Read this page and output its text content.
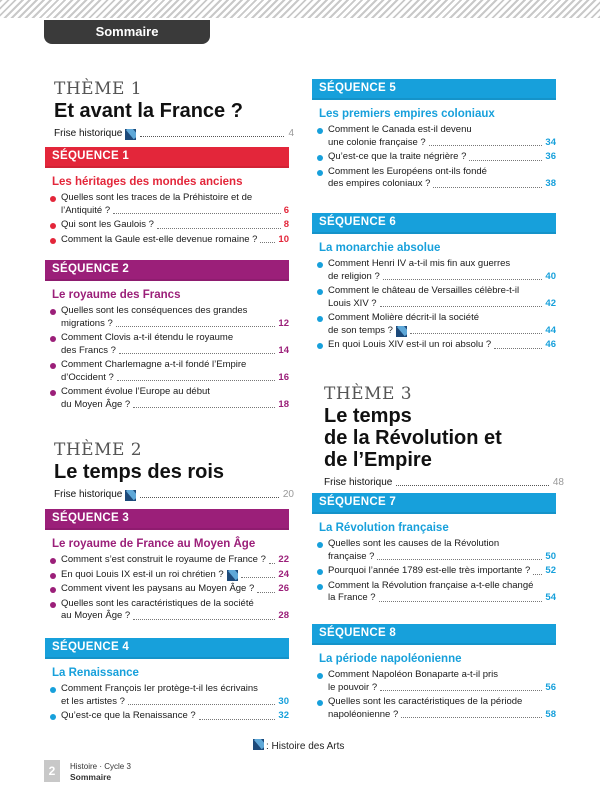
Sommaire
THÈME 1
Et avant la France ?
Frise historique	4
THÈME 2
Le temps des rois
Frise historique	20
THÈME 3
Le temps
de la Révolution et
de l’Empire
Frise historique	48
SÉQUENCE 1
Les héritages des mondes anciens
Quelles sont les traces de la Préhistoire et de
l’Antiquité ?	6
Qui sont les Gaulois ?	8
Comment la Gaule est-elle devenue romaine ? 10
SÉQUENCE 2
Le royaume des Francs
Quelles sont les conséquences des grandes
migrations ?	12
Comment Clovis a-t-il étendu le royaume
des Francs ?	14
Comment Charlemagne a-t-il fondé l’Empire
d’Occident ?	16
Comment évolue l’Europe au début
du Moyen Âge ?	18
SÉQUENCE 3
Le royaume de France au Moyen Âge
Comment s’est construit le royaume de France ? 22
En quoi Louis IX est-il un roi chrétien ?	24
Comment vivent les paysans au Moyen Âge ?	26
Quelles sont les caractéristiques de la société
au Moyen Âge ?	28
SÉQUENCE 4
La Renaissance
Comment François Ier protège-t-il les écrivains
et les artistes ?	30
Qu’est-ce que la Renaissance ?	32
SÉQUENCE 5
Les premiers empires coloniaux
Comment le Canada est-il devenu
une colonie française ?	34
Qu’est-ce que la traite négrière ?	36
Comment les Européens ont-ils fondé
des empires coloniaux ?	38
SÉQUENCE 6
La monarchie absolue
Comment Henri IV a-t-il mis fin aux guerres
de religion ?	40
Comment le château de Versailles célèbre-t-il
Louis XIV ?	42
Comment Molière décrit-il la société
de son temps ?	44
En quoi Louis XIV est-il un roi absolu ?	46
SÉQUENCE 7
La Révolution française
Quelles sont les causes de la Révolution
française ?	50
Pourquoi l’année 1789 est-elle très importante ? 52
Comment la Révolution française a-t-elle changé
la France ?	54
SÉQUENCE 8
La période napoléonienne
Comment Napoléon Bonaparte a-t-il pris
le pouvoir ?	56
Quelles sont les caractéristiques de la période
napoléonienne ?	58
: Histoire des Arts
2	Histoire · Cycle 3
Sommaire
